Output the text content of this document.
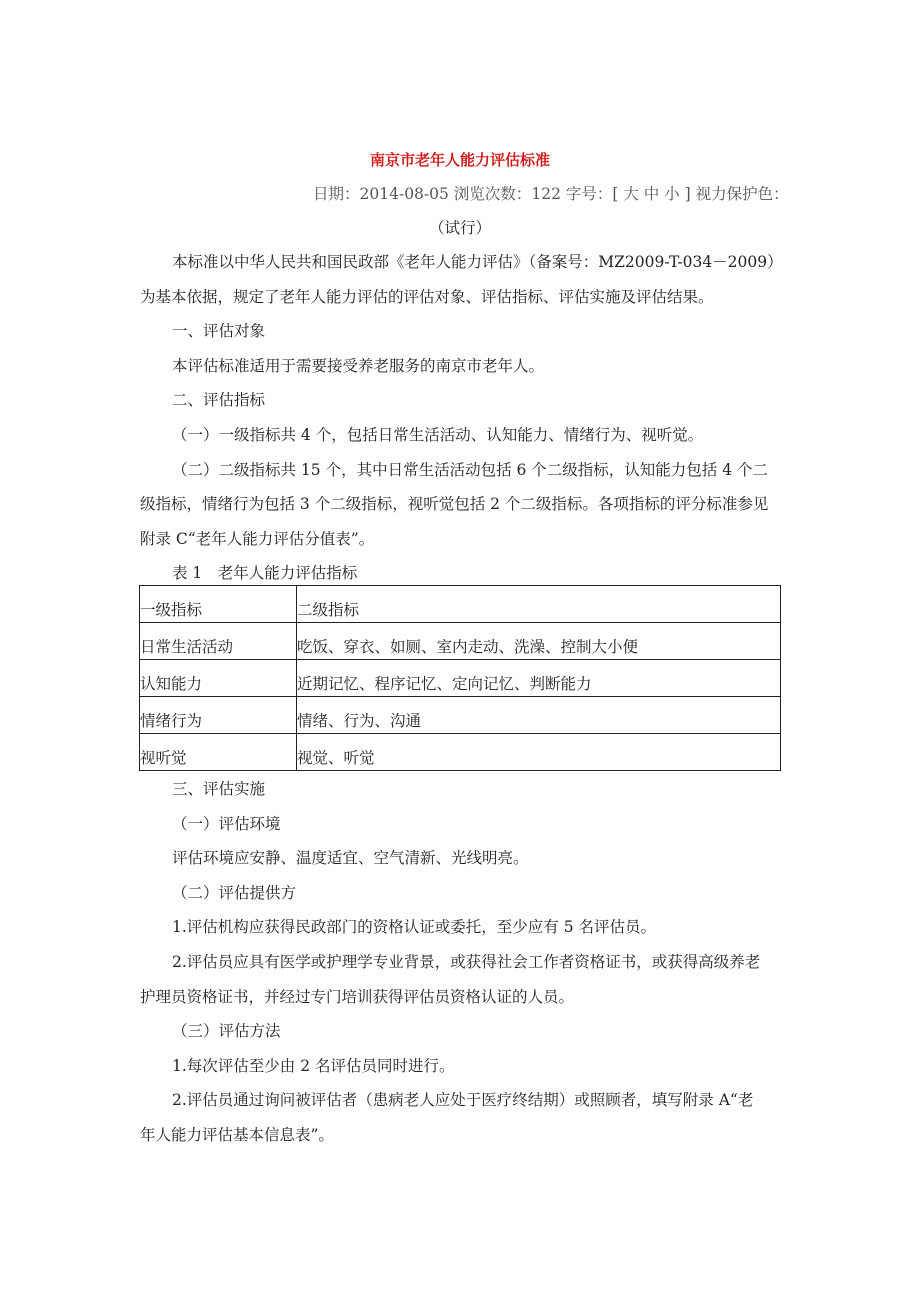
南京市老年人能力评估标准
日期：2014-08-05 浏览次数：122 字号：[ 大 中 小 ] 视力保护色：
（试行）
本标准以中华人民共和国民政部《老年人能力评估》（备案号：MZ2009-T-034－2009）
为基本依据，规定了老年人能力评估的评估对象、评估指标、评估实施及评估结果。
一、评估对象
本评估标准适用于需要接受养老服务的南京市老年人。
二、评估指标
（一）一级指标共 4 个，包括日常生活活动、认知能力、情绪行为、视听觉。
（二）二级指标共 15 个，其中日常生活活动包括 6 个二级指标，认知能力包括 4 个二
级指标，情绪行为包括 3 个二级指标，视听觉包括 2 个二级指标。各项指标的评分标准参见
附录 C“老年人能力评估分值表”。
表 1　老年人能力评估指标
一级指标	二级指标
日常生活活动	吃饭、穿衣、如厕、室内走动、洗澡、控制大小便
认知能力	近期记忆、程序记忆、定向记忆、判断能力
情绪行为	情绪、行为、沟通
视听觉	视觉、听觉
三、评估实施
（一）评估环境
评估环境应安静、温度适宜、空气清新、光线明亮。
（二）评估提供方
1.评估机构应获得民政部门的资格认证或委托，至少应有 5 名评估员。
2.评估员应具有医学或护理学专业背景，或获得社会工作者资格证书，或获得高级养老
护理员资格证书，并经过专门培训获得评估员资格认证的人员。
（三）评估方法
1.每次评估至少由 2 名评估员同时进行。
2.评估员通过询问被评估者（患病老人应处于医疗终结期）或照顾者，填写附录 A“老
年人能力评估基本信息表”。
